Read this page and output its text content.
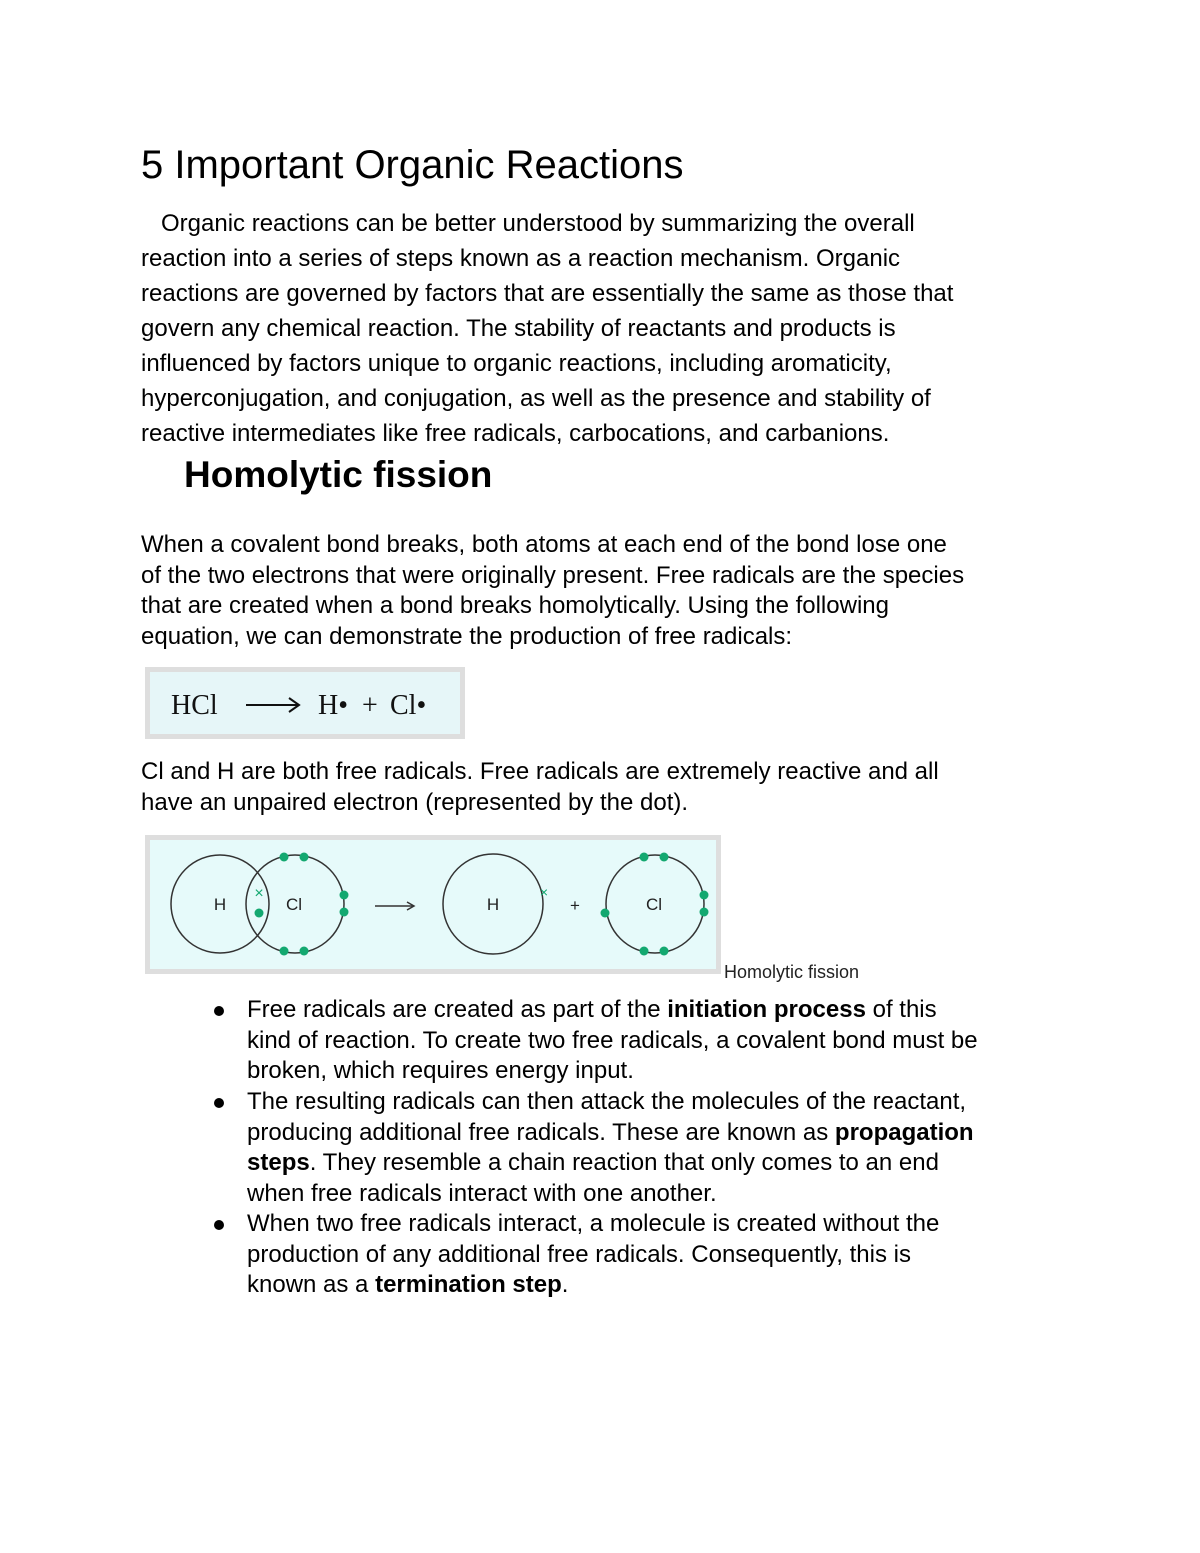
5 Important Organic Reactions

Organic reactions can be better understood by summarizing the overall
reaction into a series of steps known as a reaction mechanism. Organic
reactions are governed by factors that are essentially the same as those that
govern any chemical reaction. The stability of reactants and products is
influenced by factors unique to organic reactions, including aromaticity,
hyperconjugation, and conjugation, as well as the presence and stability of
reactive intermediates like free radicals, carbocations, and carbanions.

Homolytic fission

When a covalent bond breaks, both atoms at each end of the bond lose one
of the two electrons that were originally present. Free radicals are the species
that are created when a bond breaks homolytically. Using the following
equation, we can demonstrate the production of free radicals:

HCl	H• + Cl•

Cl and H are both free radicals. Free radicals are extremely reactive and all
have an unpaired electron (represented by the dot).

H	Cl
×
H
×
+	Cl
Homolytic fission
Free radicals are created as part of the initiation process of this
kind of reaction. To create two free radicals, a covalent bond must be
broken, which requires energy input.
The resulting radicals can then attack the molecules of the reactant,
producing additional free radicals. These are known as propagation
steps. They resemble a chain reaction that only comes to an end
when free radicals interact with one another.
When two free radicals interact, a molecule is created without the
production of any additional free radicals. Consequently, this is
known as a termination step.
